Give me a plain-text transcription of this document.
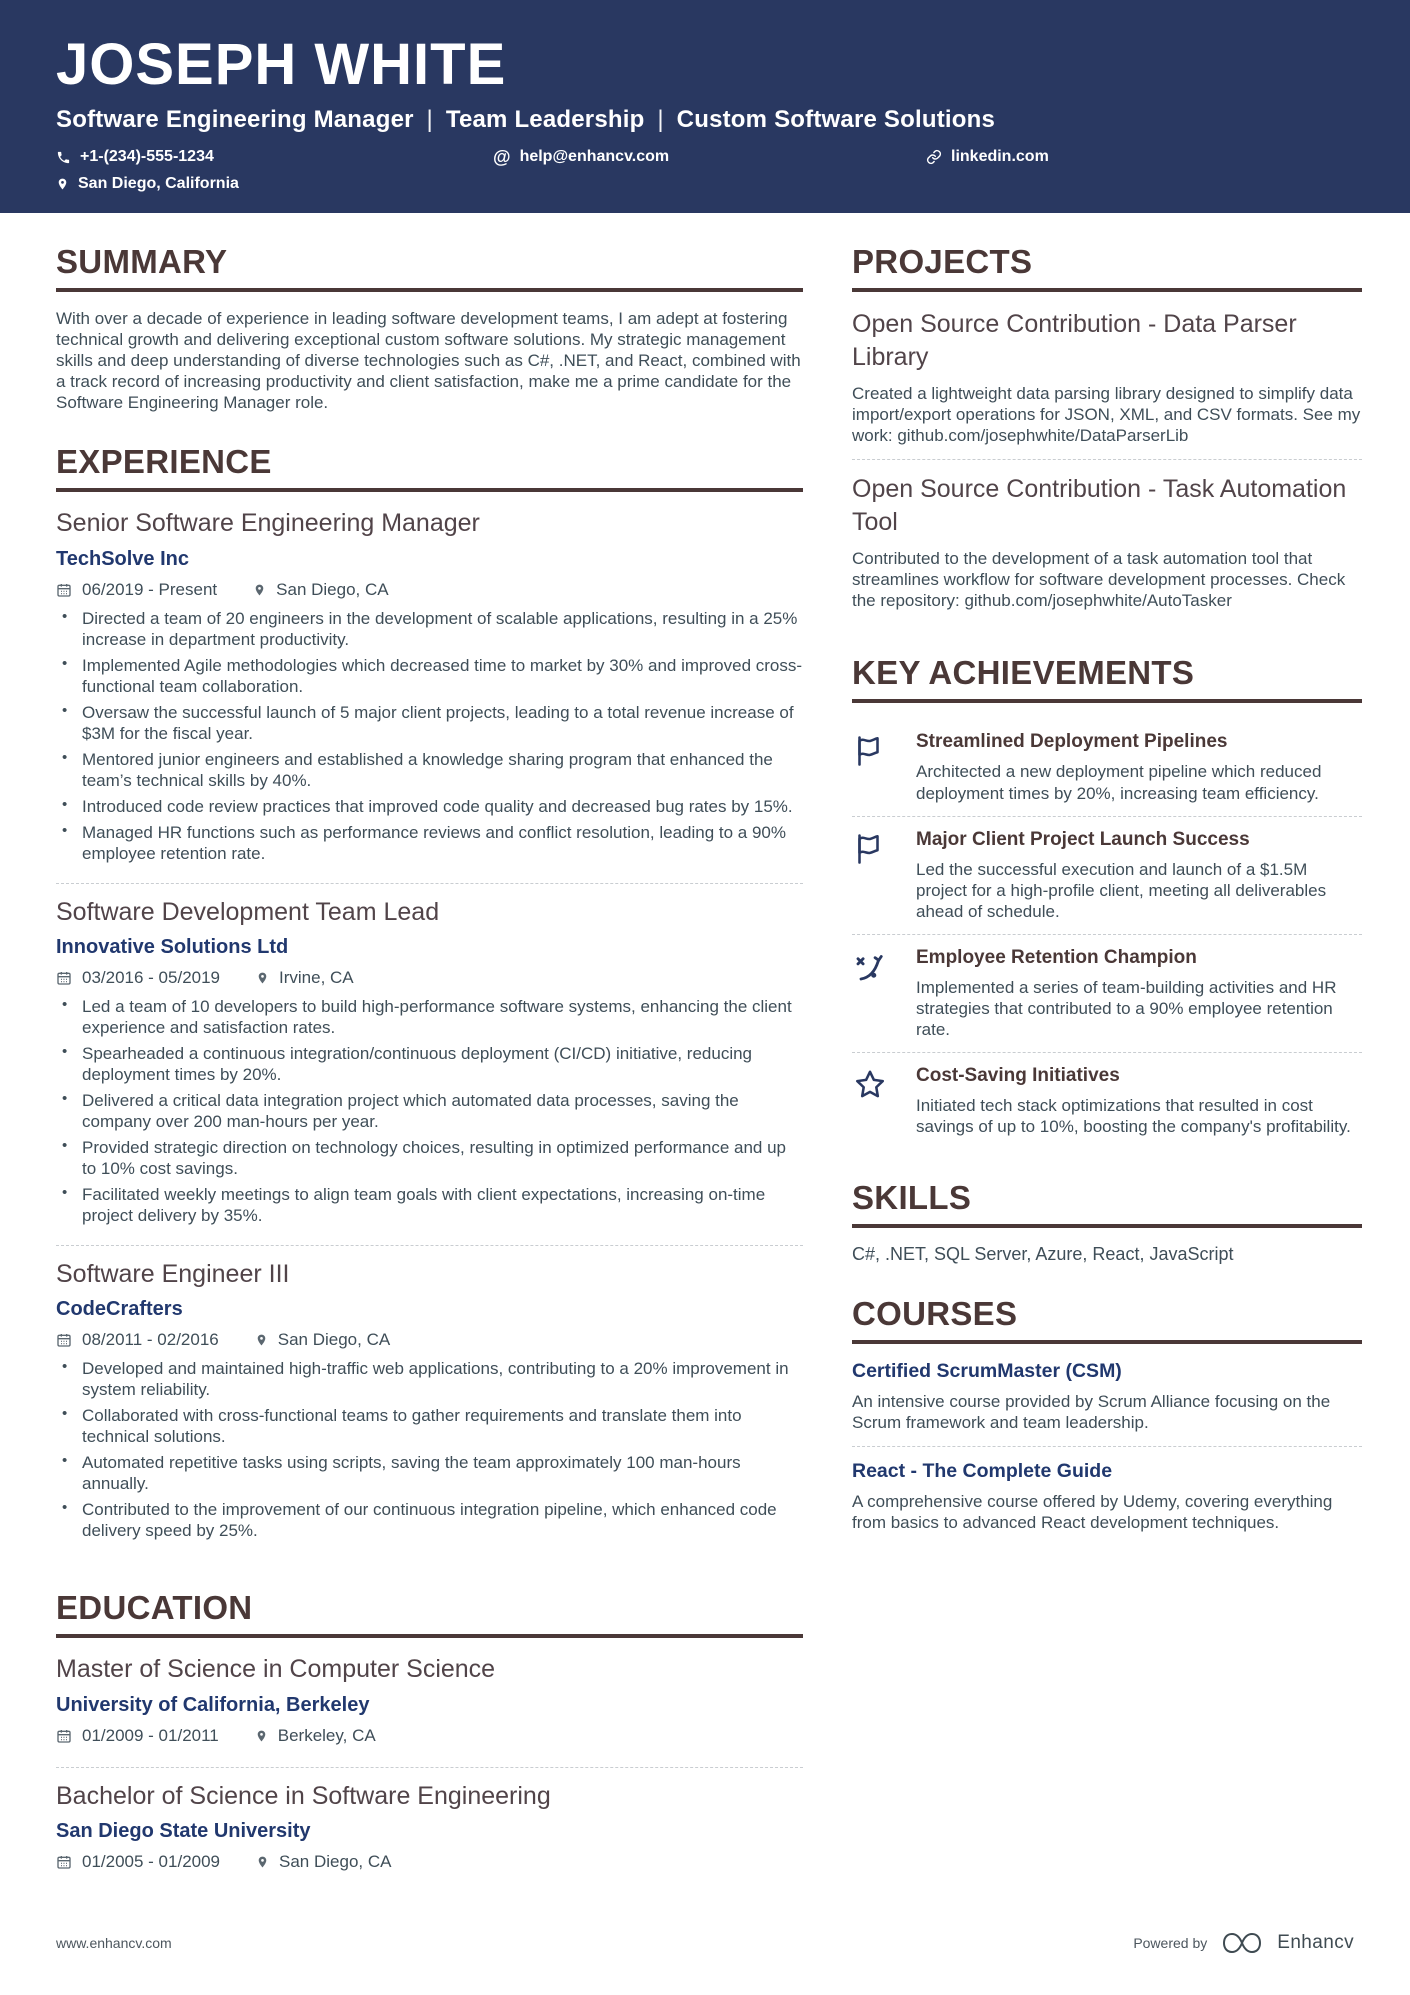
JOSEPH WHITE
Software Engineering Manager | Team Leadership | Custom Software Solutions
+1-(234)-555-1234	@ help@enhancv.com	linkedin.com
San Diego, California
SUMMARY

With over a decade of experience in leading software development teams, I am adept at fostering technical growth and delivering exceptional custom software solutions. My strategic management skills and deep understanding of diverse technologies such as C#, .NET, and React, combined with a track record of increasing productivity and client satisfaction, make me a prime candidate for the Software Engineering Manager role.

EXPERIENCE
Senior Software Engineering Manager
TechSolve Inc
06/2019 - Present	San Diego, CA
• Directed a team of 20 engineers in the development of scalable applications, resulting in a 25% increase in department productivity.
• Implemented Agile methodologies which decreased time to market by 30% and improved cross-functional team collaboration.
• Oversaw the successful launch of 5 major client projects, leading to a total revenue increase of $3M for the fiscal year.
• Mentored junior engineers and established a knowledge sharing program that enhanced the team’s technical skills by 40%.
• Introduced code review practices that improved code quality and decreased bug rates by 15%.
• Managed HR functions such as performance reviews and conflict resolution, leading to a 90% employee retention rate.
Software Development Team Lead
Innovative Solutions Ltd
03/2016 - 05/2019	Irvine, CA
• Led a team of 10 developers to build high-performance software systems, enhancing the client experience and satisfaction rates.
• Spearheaded a continuous integration/continuous deployment (CI/CD) initiative, reducing deployment times by 20%.
• Delivered a critical data integration project which automated data processes, saving the company over 200 man-hours per year.
• Provided strategic direction on technology choices, resulting in optimized performance and up to 10% cost savings.
• Facilitated weekly meetings to align team goals with client expectations, increasing on-time project delivery by 35%.
Software Engineer III
CodeCrafters
08/2011 - 02/2016	San Diego, CA
• Developed and maintained high-traffic web applications, contributing to a 20% improvement in system reliability.
• Collaborated with cross-functional teams to gather requirements and translate them into technical solutions.
• Automated repetitive tasks using scripts, saving the team approximately 100 man-hours annually.
• Contributed to the improvement of our continuous integration pipeline, which enhanced code delivery speed by 25%.
EDUCATION
Master of Science in Computer Science
University of California, Berkeley
01/2009 - 01/2011	Berkeley, CA
Bachelor of Science in Software Engineering
San Diego State University
01/2005 - 01/2009	San Diego, CA
PROJECTS
Open Source Contribution - Data Parser Library

Created a lightweight data parsing library designed to simplify data import/export operations for JSON, XML, and CSV formats. See my work: github.com/josephwhite/DataParserLib

Open Source Contribution - Task Automation Tool

Contributed to the development of a task automation tool that streamlines workflow for software development processes. Check the repository: github.com/josephwhite/AutoTasker

KEY ACHIEVEMENTS
Streamlined Deployment Pipelines

Architected a new deployment pipeline which reduced deployment times by 20%, increasing team efficiency.

Major Client Project Launch Success

Led the successful execution and launch of a $1.5M project for a high-profile client, meeting all deliverables ahead of schedule.

Employee Retention Champion

Implemented a series of team-building activities and HR strategies that contributed to a 90% employee retention rate.

Cost-Saving Initiatives

Initiated tech stack optimizations that resulted in cost savings of up to 10%, boosting the company's profitability.

SKILLS

C#, .NET, SQL Server, Azure, React, JavaScript

COURSES
Certified ScrumMaster (CSM)

An intensive course provided by Scrum Alliance focusing on the Scrum framework and team leadership.

React - The Complete Guide

A comprehensive course offered by Udemy, covering everything from basics to advanced React development techniques.

www.enhancv.com	Powered by	Enhancv
